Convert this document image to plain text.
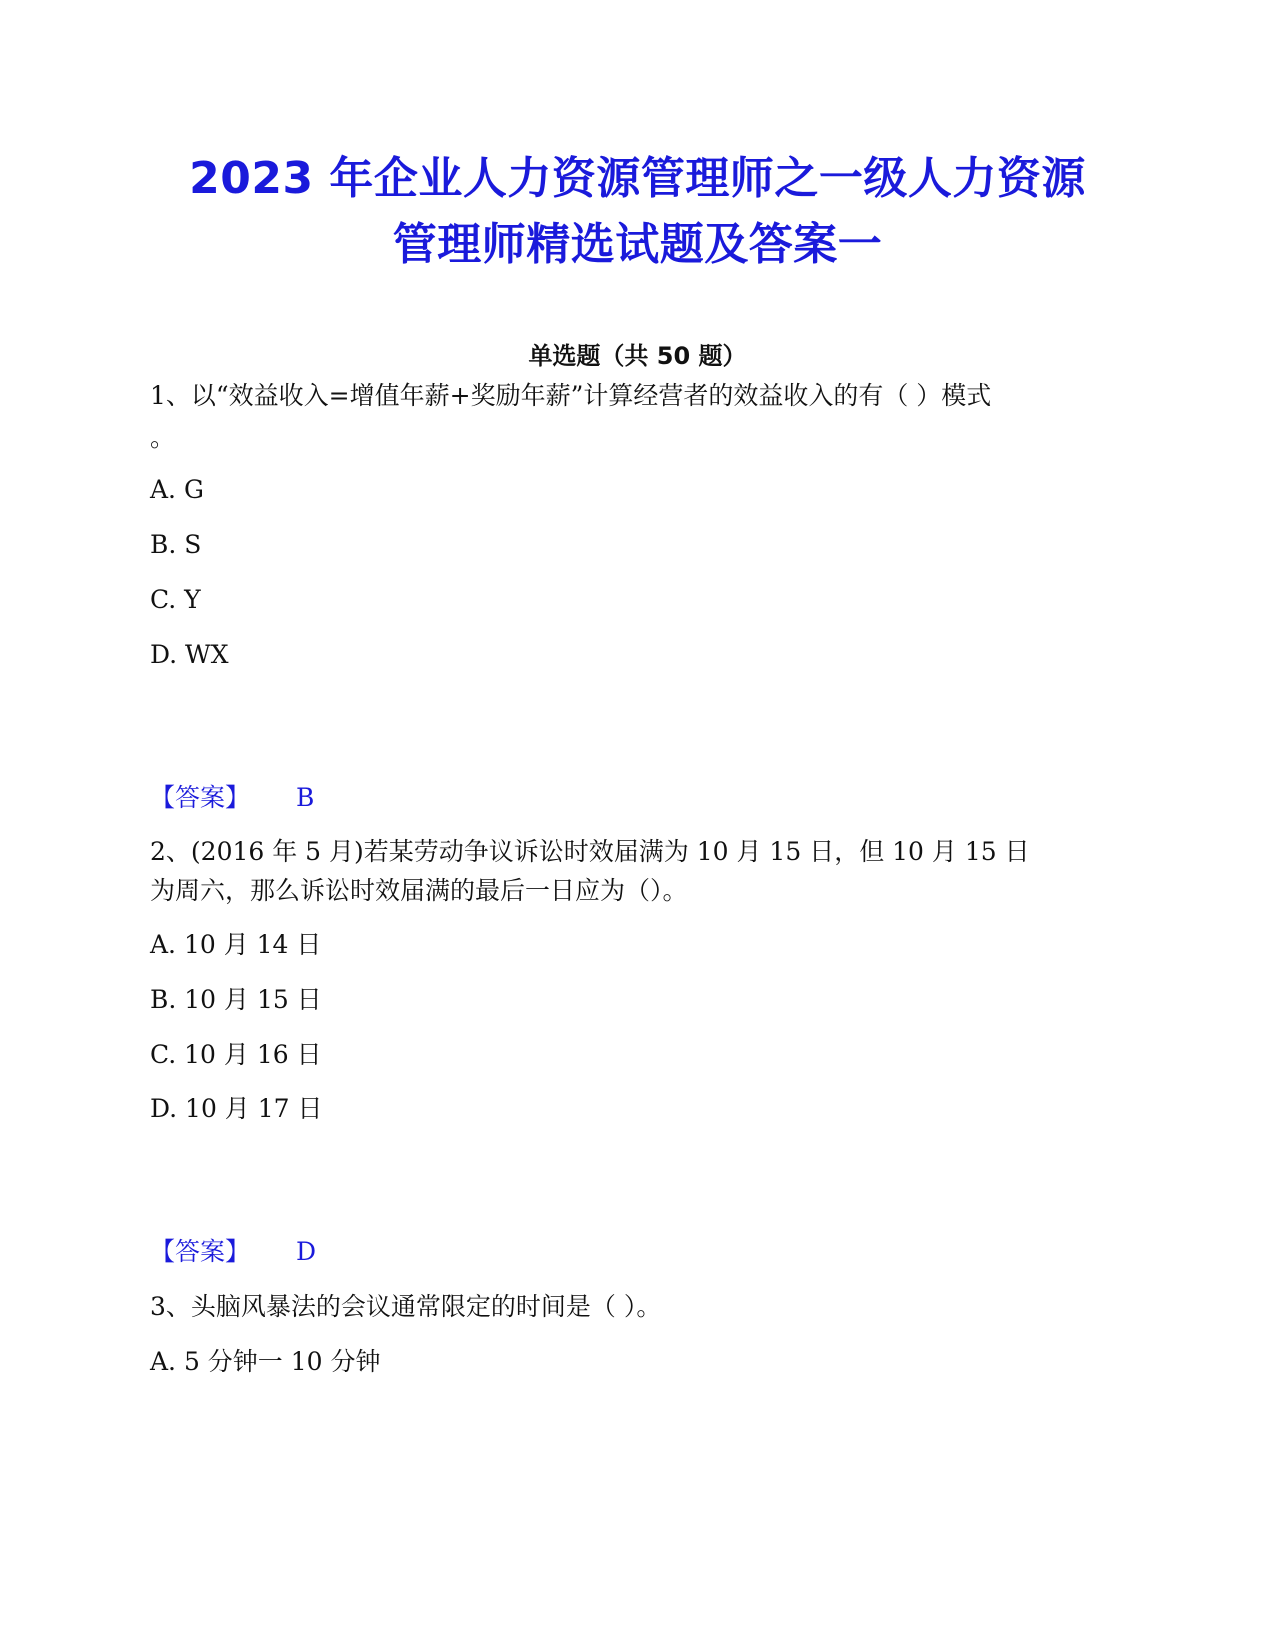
2023 年企业人力资源管理师之一级人力资源
管理师精选试题及答案一
单选题（共 50 题）
1、以“效益收入=增值年薪+奖励年薪”计算经营者的效益收入的有（ ）模式
。
A. G
B. S
C. Y
D. WX
【答案】 B
2、(2016 年 5 月)若某劳动争议诉讼时效届满为 10 月 15 日，但 10 月 15 日
为周六，那么诉讼时效届满的最后一日应为（）。
A. 10 月 14 日
B. 10 月 15 日
C. 10 月 16 日
D. 10 月 17 日
【答案】 D
3、头脑风暴法的会议通常限定的时间是（ ）。
A. 5 分钟一 10 分钟
